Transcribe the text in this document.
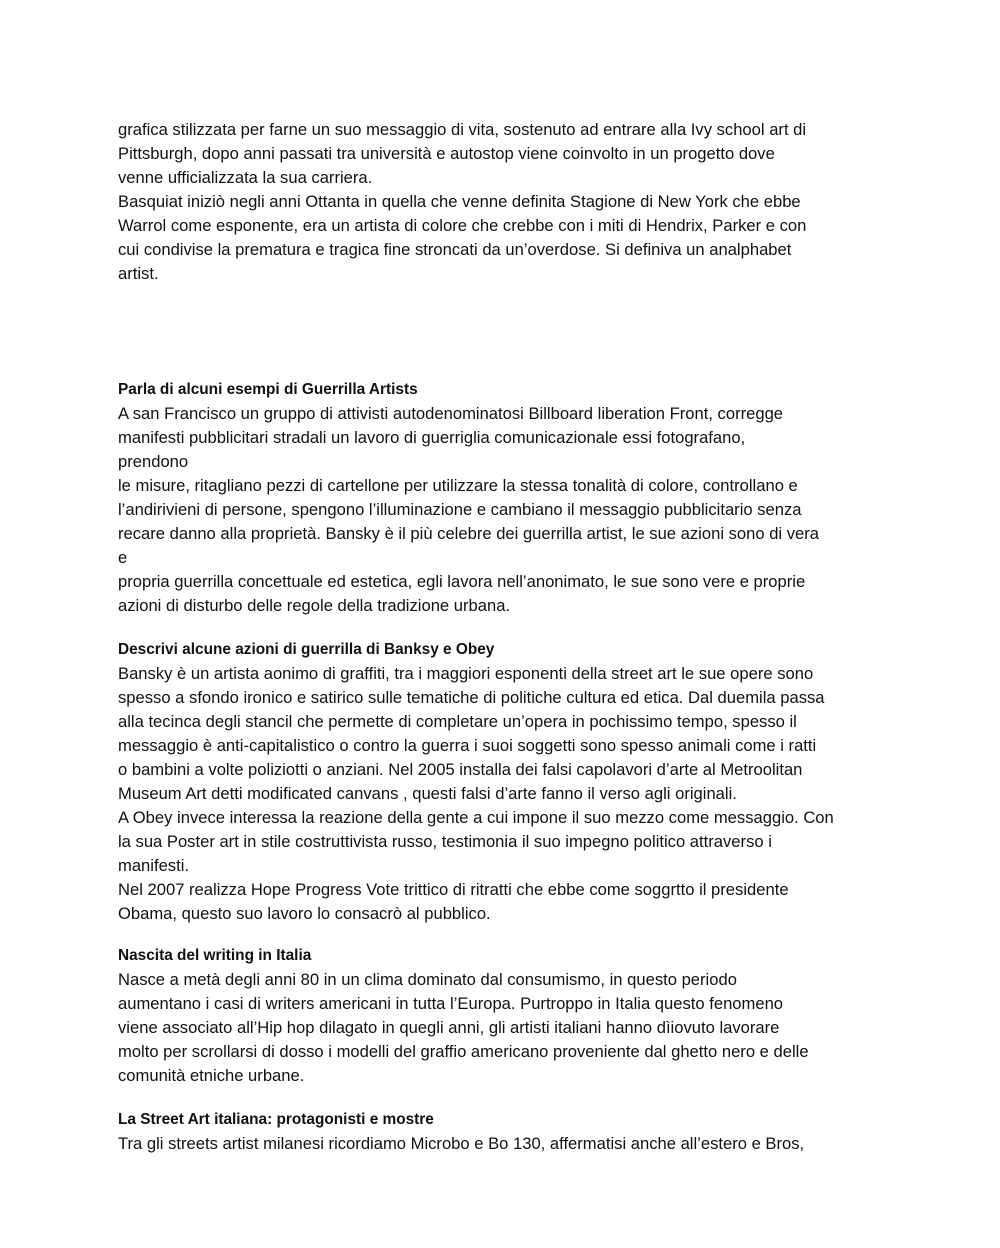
grafica stilizzata per farne un suo messaggio di vita, sostenuto ad entrare alla Ivy school art di
Pittsburgh, dopo anni passati tra università e autostop viene coinvolto in un progetto dove
venne ufficializzata la sua carriera.
Basquiat iniziò negli anni Ottanta in quella che venne definita Stagione di New York che ebbe
Warrol come esponente, era un artista di colore che crebbe con i miti di Hendrix, Parker e con
cui condivise la prematura e tragica fine stroncati da un’overdose. Si definiva un analphabet
artist.
Parla di alcuni esempi di Guerrilla Artists
A san Francisco un gruppo di attivisti autodenominatosi Billboard liberation Front, corregge
manifesti pubblicitari stradali un lavoro di guerriglia comunicazionale essi fotografano,
prendono
le misure, ritagliano pezzi di cartellone per utilizzare la stessa tonalità di colore, controllano e
l’andirivieni di persone, spengono l’illuminazione e cambiano il messaggio pubblicitario senza
recare danno alla proprietà. Bansky è il più celebre dei guerrilla artist, le sue azioni sono di vera
e
propria guerrilla concettuale ed estetica, egli lavora nell’anonimato, le sue sono vere e proprie
azioni di disturbo delle regole della tradizione urbana.
Descrivi alcune azioni di guerrilla di Banksy e Obey
Bansky è un artista aonimo di graffiti, tra i maggiori esponenti della street art le sue opere sono
spesso a sfondo ironico e satirico sulle tematiche di politiche cultura ed etica. Dal duemila passa
alla tecinca degli stancil che permette di completare un’opera in pochissimo tempo, spesso il
messaggio è anti-capitalistico o contro la guerra i suoi soggetti sono spesso animali come i ratti
o bambini a volte poliziotti o anziani. Nel 2005 installa dei falsi capolavori d’arte al Metroolitan
Museum Art detti modificated canvans , questi falsi d’arte fanno il verso agli originali.
A Obey invece interessa la reazione della gente a cui impone il suo mezzo come messaggio. Con
la sua Poster art in stile costruttivista russo, testimonia il suo impegno politico attraverso i
manifesti.
Nel 2007 realizza Hope Progress Vote trittico di ritratti che ebbe come soggrtto il presidente
Obama, questo suo lavoro lo consacrò al pubblico.
Nascita del writing in Italia
Nasce a metà degli anni 80 in un clima dominato dal consumismo, in questo periodo
aumentano i casi di writers americani in tutta l’Europa. Purtroppo in Italia questo fenomeno
viene associato all’Hip hop dilagato in quegli anni, gli artisti italiani hanno dìiovuto lavorare
molto per scrollarsi di dosso i modelli del graffio americano proveniente dal ghetto nero e delle
comunità etniche urbane.
La Street Art italiana: protagonisti e mostre
Tra gli streets artist milanesi ricordiamo Microbo e Bo 130, affermatisi anche all’estero e Bros,
